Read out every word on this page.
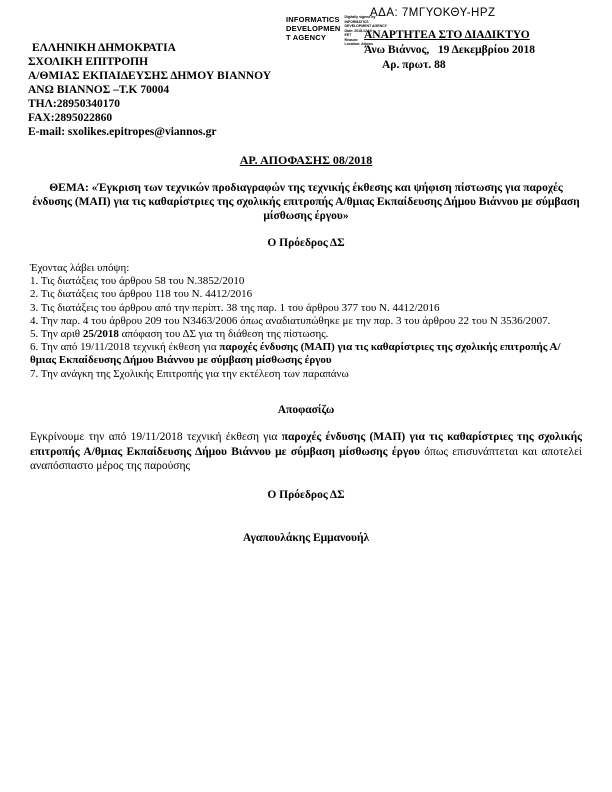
ΑΔΑ: 7ΜΓΥΟΚΘΥ-ΗΡΖ
INFORMATICS
DEVELOPMEN
T AGENCY
Digitally signed by
INFORMATICS
DEVELOPMENT AGENCY
Date: 2018.12.19
EET
Reason:
Location: Athens
ΑΝΑΡΤΗΤΕΑ ΣΤΟ ΔΙΑΔΙΚΤΥΟ
Άνω Βιάννος,   19 Δεκεμβρίου 2018
Αρ. πρωτ. 88
ΕΛΛΗΝΙΚΗ ΔΗΜΟΚΡΑΤΙΑ
ΣΧΟΛΙΚΗ ΕΠΙΤΡΟΠΗ
Α/ΘΜΙΑΣ ΕΚΠΑΙΔΕΥΣΗΣ ΔΗΜΟΥ ΒΙΑΝΝΟΥ
ΑΝΩ ΒΙΑΝΝΟΣ –Τ.Κ 70004
ΤΗΛ:28950340170
FAX:2895022860
E-mail: sxolikes.epitropes@viannos.gr
ΑΡ. ΑΠΟΦΑΣΗΣ 08/2018
ΘΕΜΑ: «Έγκριση των τεχνικών προδιαγραφών της τεχνικής έκθεσης και ψήφιση πίστωσης για παροχές ένδυσης (ΜΑΠ) για τις καθαρίστριες της σχολικής επιτροπής Α/θμιας Εκπαίδευσης Δήμου Βιάννου με σύμβαση μίσθωσης έργου»
Ο Πρόεδρος ΔΣ
Έχοντας λάβει υπόψη:
1. Τις διατάξεις του άρθρου 58 του Ν.3852/2010
2. Τις διατάξεις του άρθρου 118 του Ν. 4412/2016
3. Τις διατάξεις του άρθρου από την περίπτ. 38 της παρ. 1 του άρθρου 377 του Ν. 4412/2016
4. Την παρ. 4 του άρθρου 209 του Ν3463/2006 όπως αναδιατυπώθηκε με την παρ. 3 του άρθρου 22 του Ν 3536/2007.
5. Την αριθ 25/2018 απόφαση του ΔΣ για τη διάθεση της πίστωσης.
6. Την από 19/11/2018 τεχνική έκθεση για παροχές ένδυσης (ΜΑΠ) για τις καθαρίστριες της σχολικής επιτροπής Α/θμιας Εκπαίδευσης Δήμου Βιάννου με σύμβαση μίσθωσης έργου
7. Την ανάγκη της Σχολικής Επιτροπής για την εκτέλεση των παραπάνω
Αποφασίζω
Εγκρίνουμε την από 19/11/2018 τεχνική έκθεση για παροχές ένδυσης (ΜΑΠ) για τις καθαρίστριες της σχολικής επιτροπής Α/θμιας Εκπαίδευσης Δήμου Βιάννου με σύμβαση μίσθωσης έργου όπως επισυνάπτεται και αποτελεί αναπόσπαστο μέρος της παρούσης
Ο Πρόεδρος ΔΣ
Αγαπουλάκης Εμμανουήλ
